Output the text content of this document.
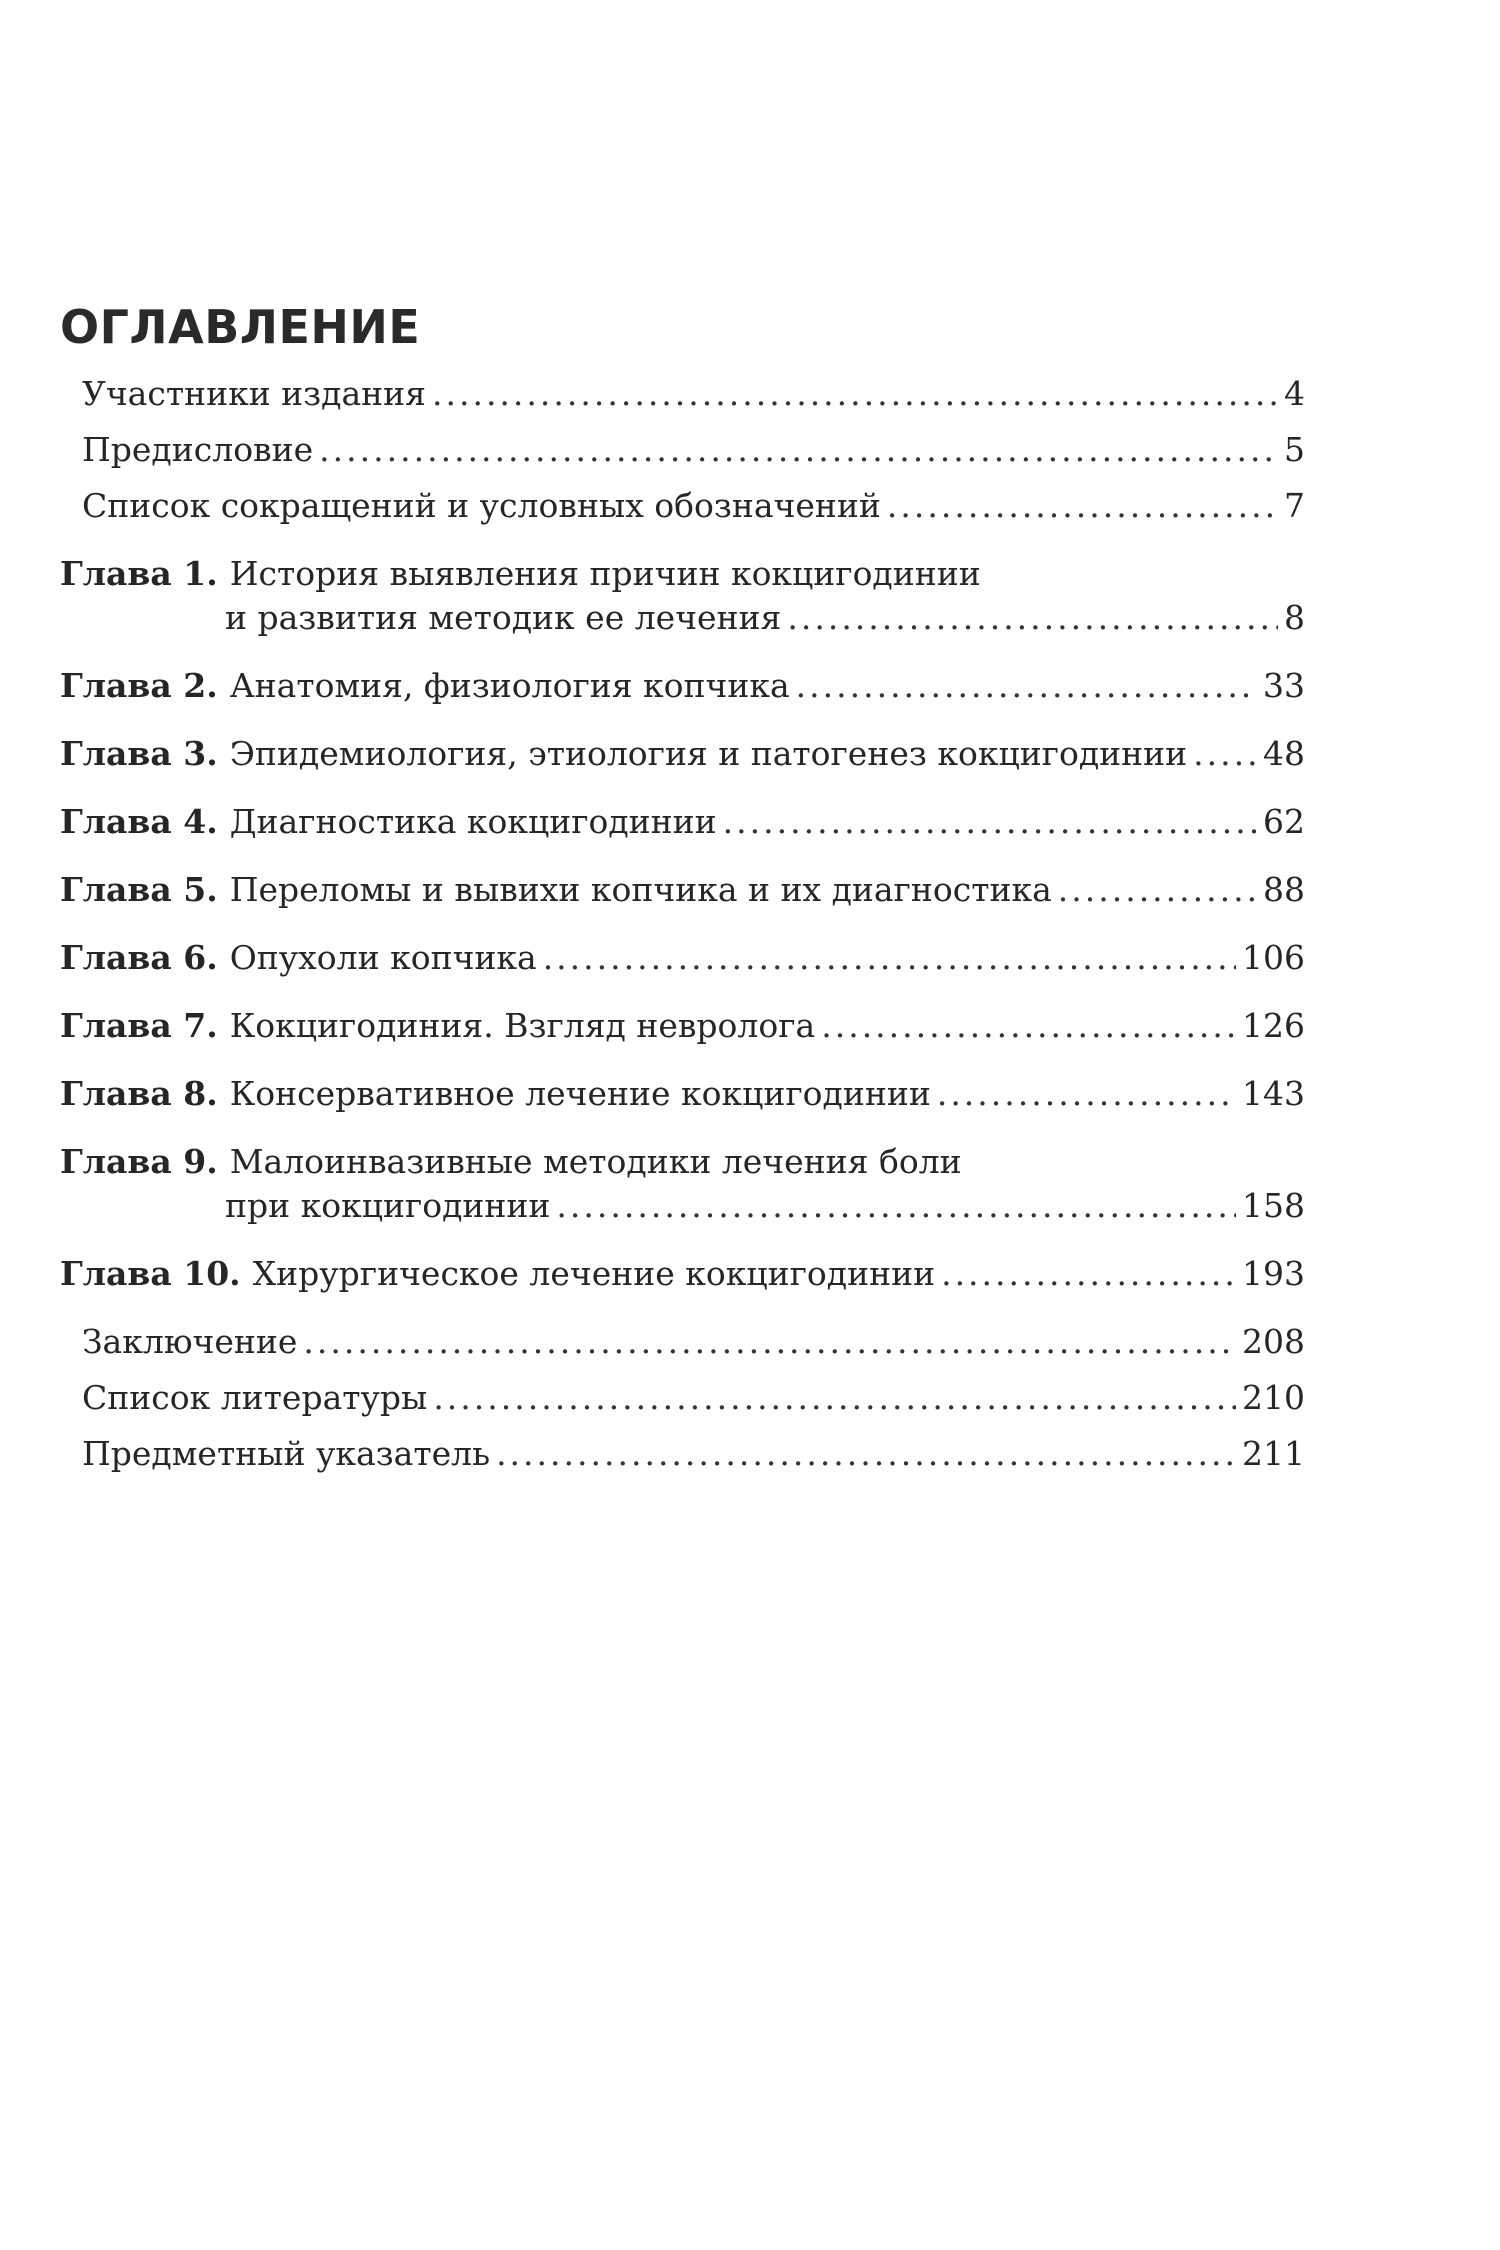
ОГЛАВЛЕНИЕ
Участники издания .....	4
Предисловие .....	5
Список сокращений и условных обозначений .....	7
Глава 1. История выявления причин кокцигодинии
и развития методик ее лечения .....	8
Глава 2. Анатомия, физиология копчика .....	33
Глава 3. Эпидемиология, этиология и патогенез кокцигодинии ..... 48
Глава 4. Диагностика кокцигодинии .....	62
Глава 5. Переломы и вывихи копчика и их диагностика .....	88
Глава 6. Опухоли копчика .....	106
Глава 7. Кокцигодиния. Взгляд невролога .....	126
Глава 8. Консервативное лечение кокцигодинии .....	143
Глава 9. Малоинвазивные методики лечения боли
при кокцигодинии .....	158
Глава 10. Хирургическое лечение кокцигодинии .....	193
Заключение .....	208
Список литературы .....	210
Предметный указатель .....	211
